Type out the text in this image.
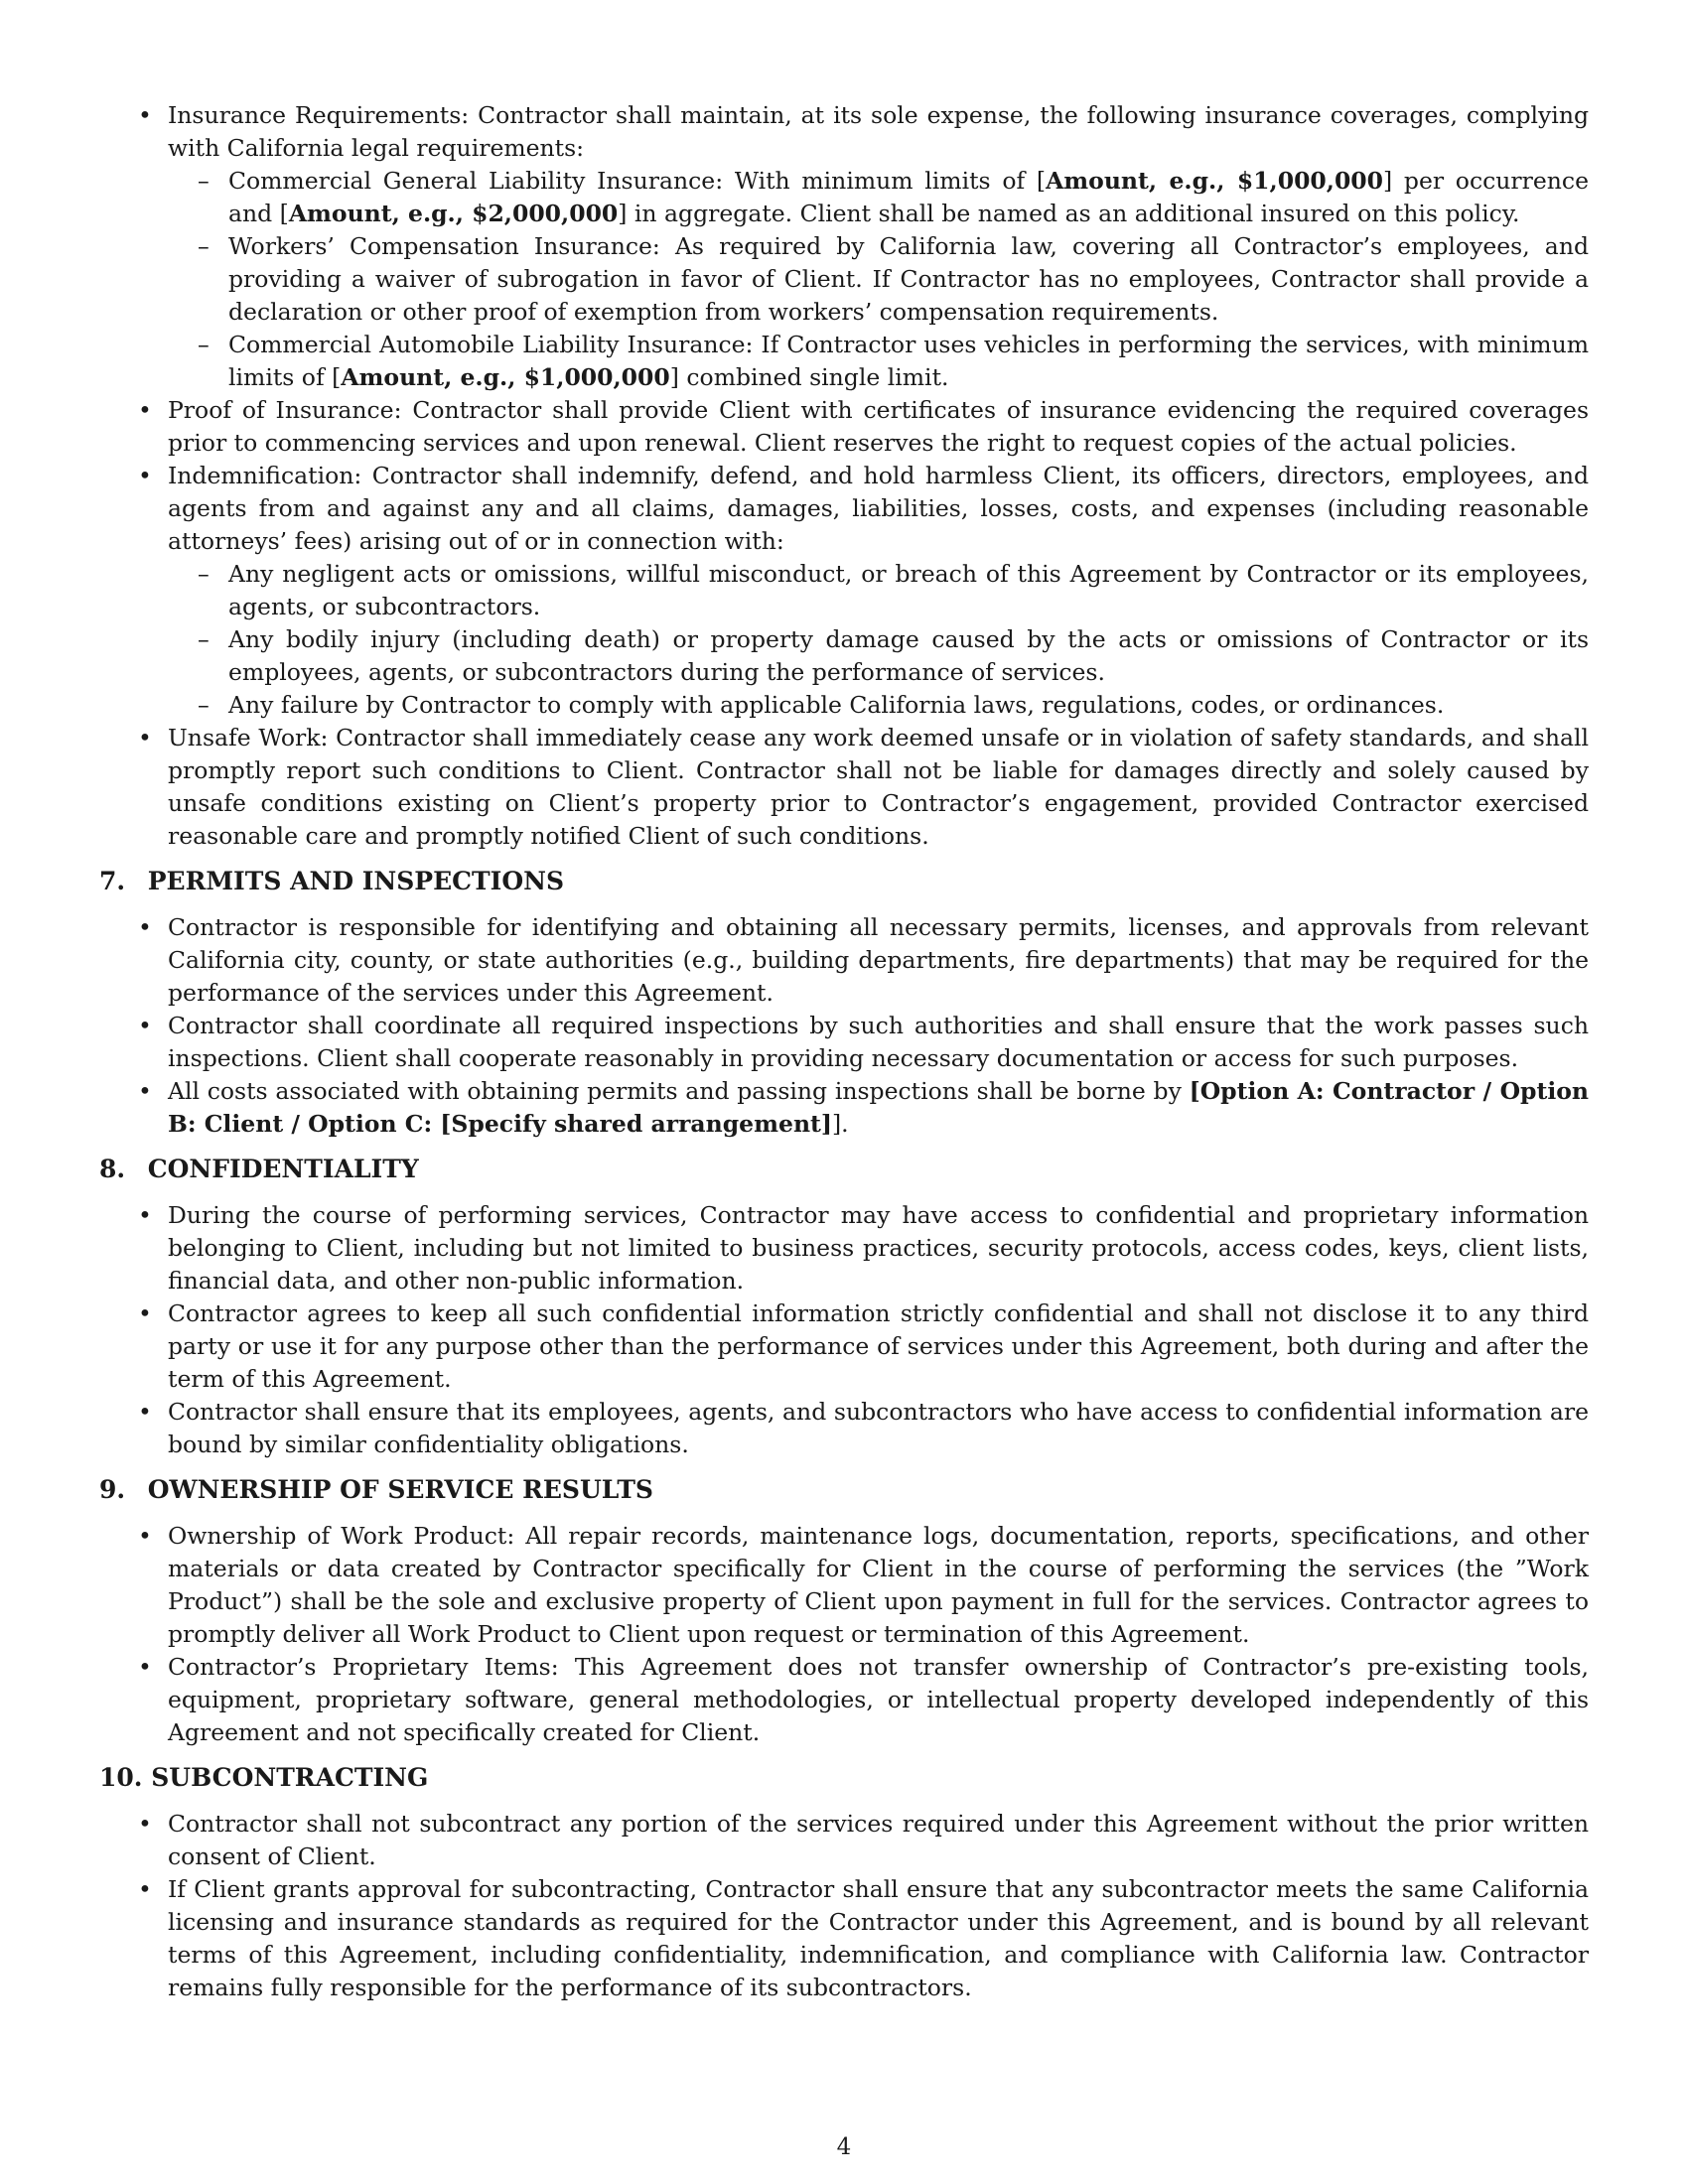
• Insurance Requirements: Contractor shall maintain, at its sole expense, the following insurance coverages, complying with California legal requirements:
– Commercial General Liability Insurance: With minimum limits of [Amount, e.g., $1,000,000] per occurrence and [Amount, e.g., $2,000,000] in aggregate. Client shall be named as an additional insured on this policy.
– Workers’ Compensation Insurance: As required by California law, covering all Contractor’s employees, and providing a waiver of subrogation in favor of Client. If Contractor has no employees, Contractor shall provide a declaration or other proof of exemption from workers’ compensation requirements.
– Commercial Automobile Liability Insurance: If Contractor uses vehicles in performing the services, with minimum limits of [Amount, e.g., $1,000,000] combined single limit.
• Proof of Insurance: Contractor shall provide Client with certificates of insurance evidencing the required coverages prior to commencing services and upon renewal. Client reserves the right to request copies of the actual policies.
• Indemnification: Contractor shall indemnify, defend, and hold harmless Client, its officers, directors, employees, and agents from and against any and all claims, damages, liabilities, losses, costs, and expenses (including reasonable attorneys’ fees) arising out of or in connection with:
– Any negligent acts or omissions, willful misconduct, or breach of this Agreement by Contractor or its employees, agents, or subcontractors.
– Any bodily injury (including death) or property damage caused by the acts or omissions of Contractor or its employees, agents, or subcontractors during the performance of services.
– Any failure by Contractor to comply with applicable California laws, regulations, codes, or ordinances.
• Unsafe Work: Contractor shall immediately cease any work deemed unsafe or in violation of safety standards, and shall promptly report such conditions to Client. Contractor shall not be liable for damages directly and solely caused by unsafe conditions existing on Client’s property prior to Contractor’s engagement, provided Contractor exercised reasonable care and promptly notified Client of such conditions.
7. PERMITS AND INSPECTIONS
• Contractor is responsible for identifying and obtaining all necessary permits, licenses, and approvals from relevant California city, county, or state authorities (e.g., building departments, fire departments) that may be required for the performance of the services under this Agreement.
• Contractor shall coordinate all required inspections by such authorities and shall ensure that the work passes such inspections. Client shall cooperate reasonably in providing necessary documentation or access for such purposes.
• All costs associated with obtaining permits and passing inspections shall be borne by [Option A: Contractor / Option B: Client / Option C: [Specify shared arrangement]].
8. CONFIDENTIALITY
• During the course of performing services, Contractor may have access to confidential and proprietary information belonging to Client, including but not limited to business practices, security protocols, access codes, keys, client lists, financial data, and other non-public information.
• Contractor agrees to keep all such confidential information strictly confidential and shall not disclose it to any third party or use it for any purpose other than the performance of services under this Agreement, both during and after the term of this Agreement.
• Contractor shall ensure that its employees, agents, and subcontractors who have access to confidential information are bound by similar confidentiality obligations.
9. OWNERSHIP OF SERVICE RESULTS
• Ownership of Work Product: All repair records, maintenance logs, documentation, reports, specifications, and other materials or data created by Contractor specifically for Client in the course of performing the services (the ”Work Product”) shall be the sole and exclusive property of Client upon payment in full for the services. Contractor agrees to promptly deliver all Work Product to Client upon request or termination of this Agreement.
• Contractor’s Proprietary Items: This Agreement does not transfer ownership of Contractor’s pre-existing tools, equipment, proprietary software, general methodologies, or intellectual property developed independently of this Agreement and not specifically created for Client.
10. SUBCONTRACTING
• Contractor shall not subcontract any portion of the services required under this Agreement without the prior written consent of Client.
• If Client grants approval for subcontracting, Contractor shall ensure that any subcontractor meets the same California licensing and insurance standards as required for the Contractor under this Agreement, and is bound by all relevant terms of this Agreement, including confidentiality, indemnification, and compliance with California law. Contractor remains fully responsible for the performance of its subcontractors.
4
